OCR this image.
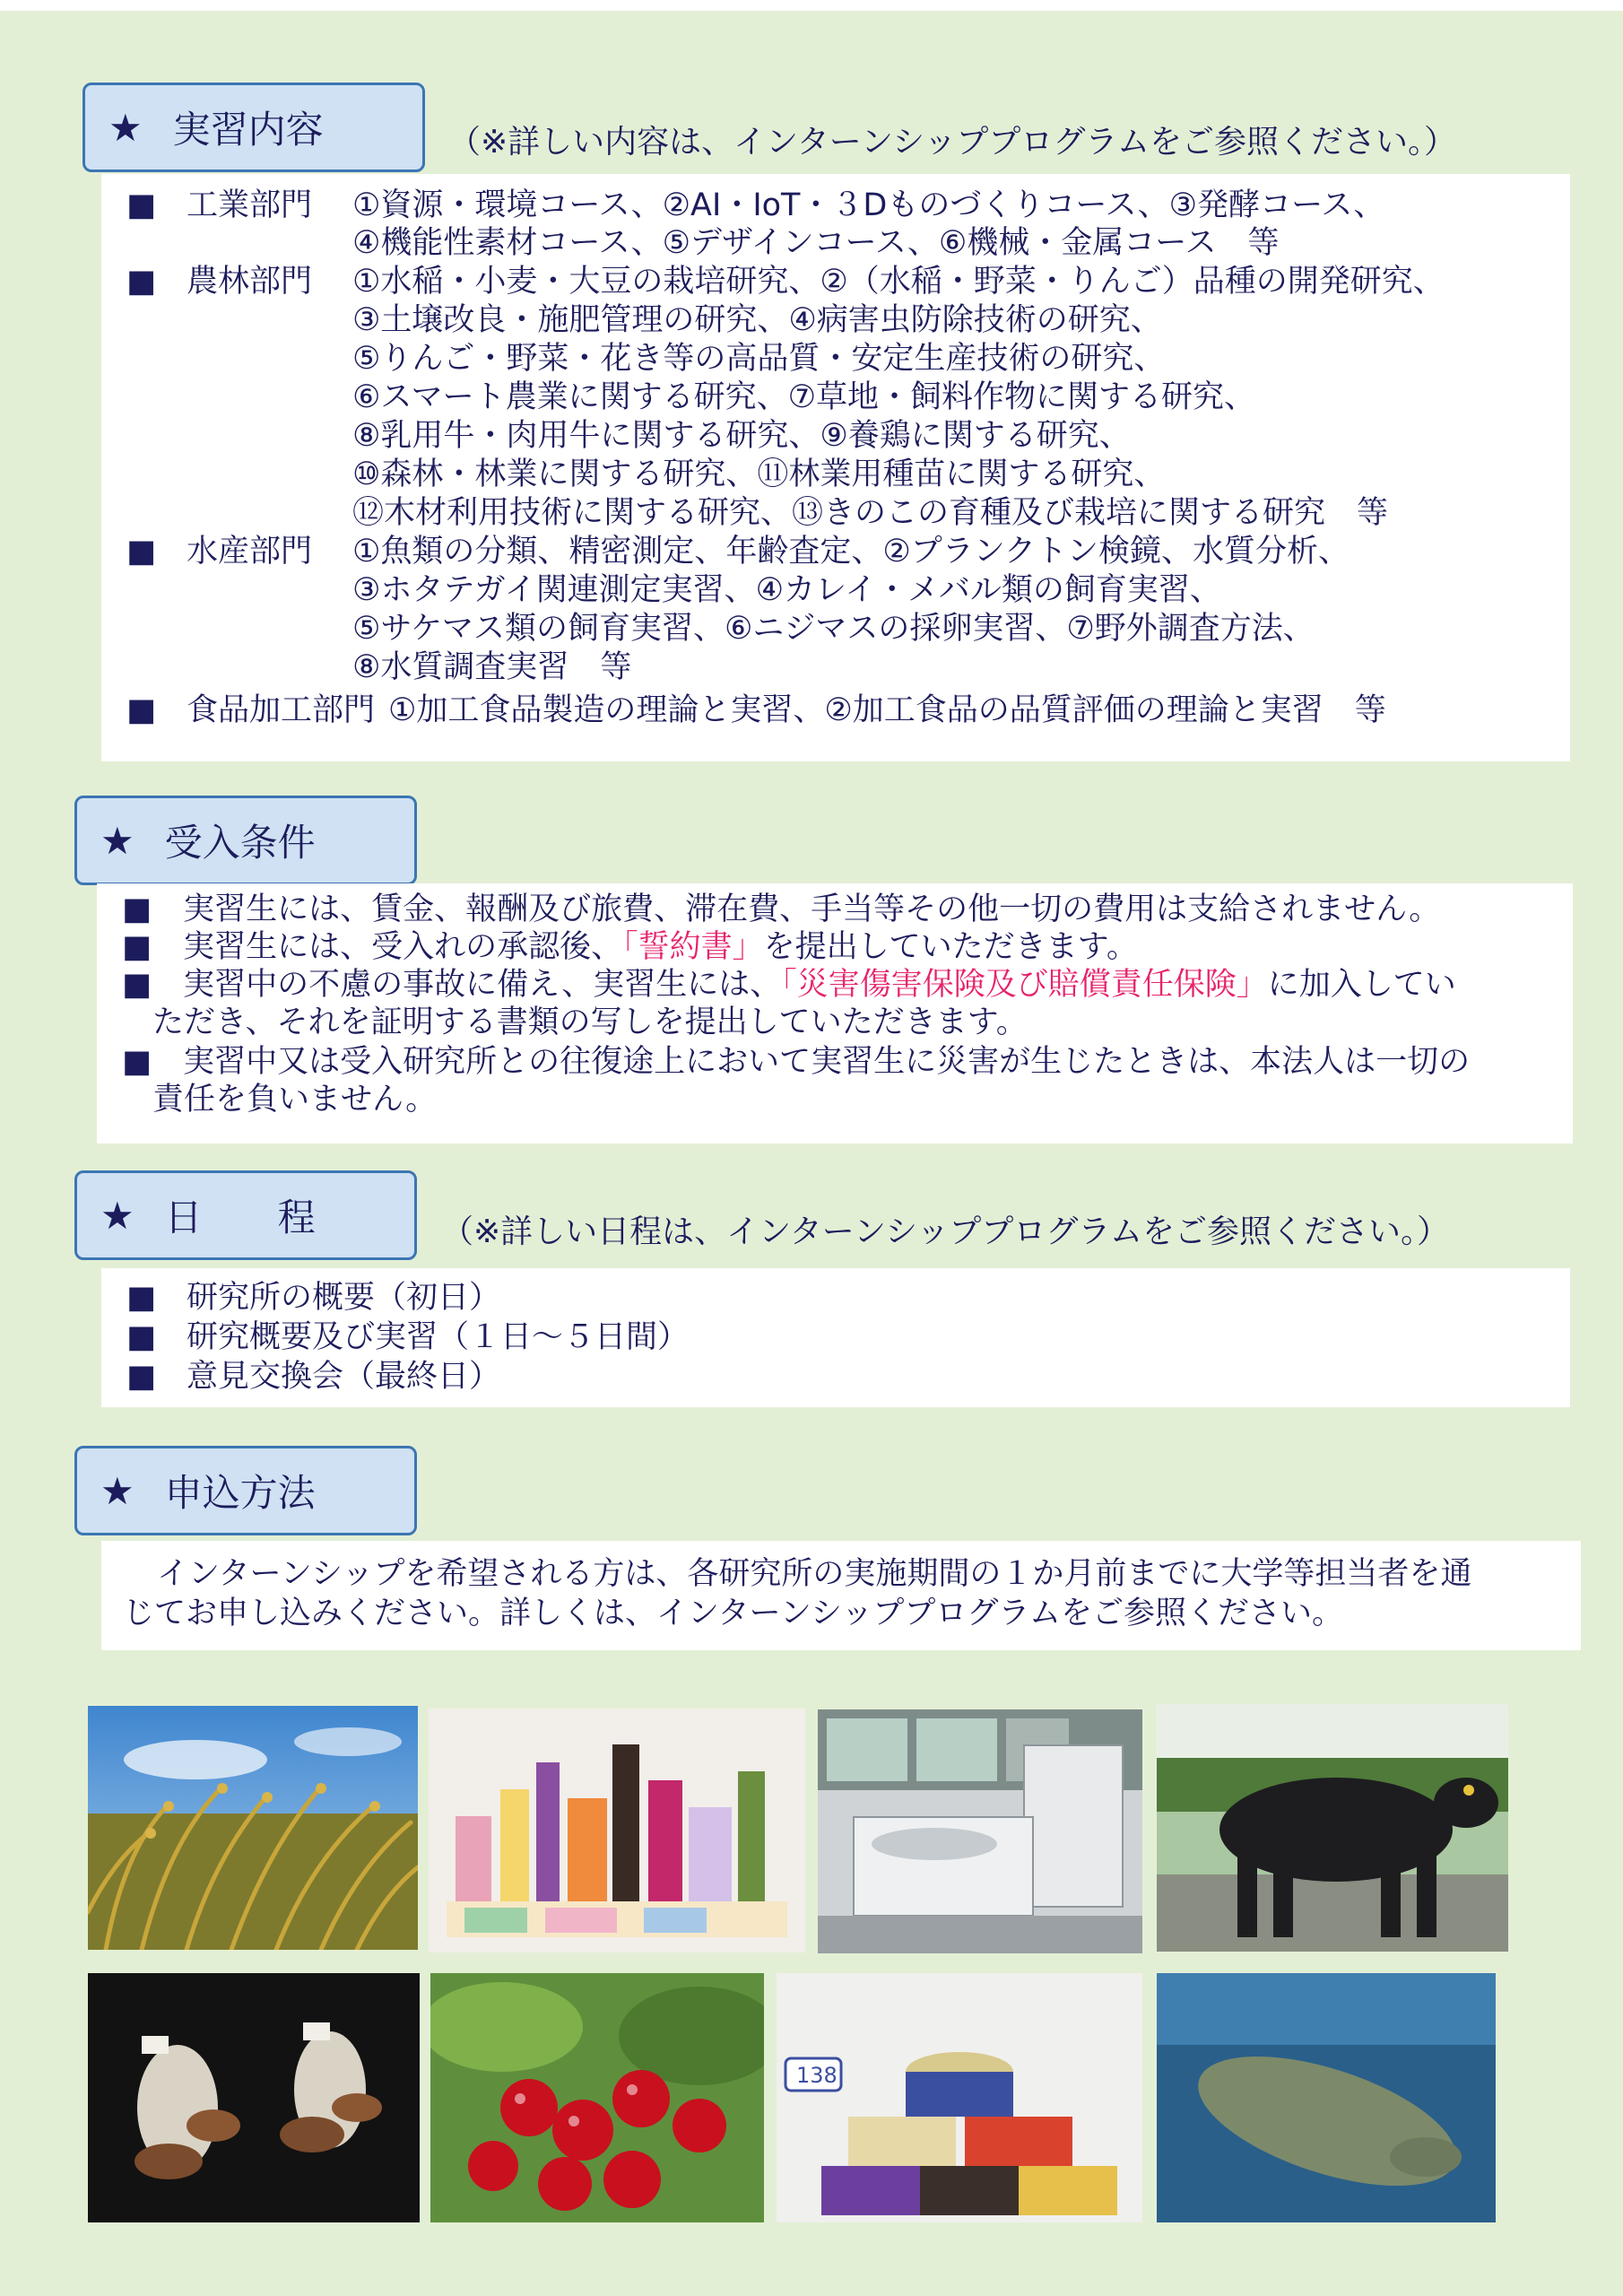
★ 実習内容	（※詳しい内容は、インターンシッププログラムをご参照ください。）
■ 工業部門 ①資源・環境コース、②AI・IoT・３Dものづくりコース、③発酵コース、
④機能性素材コース、⑤デザインコース、⑥機械・金属コース　等
■ 農林部門 ①水稲・小麦・大豆の栽培研究、②（水稲・野菜・りんご）品種の開発研究、
③土壌改良・施肥管理の研究、④病害虫防除技術の研究、
⑤りんご・野菜・花き等の高品質・安定生産技術の研究、
⑥スマート農業に関する研究、⑦草地・飼料作物に関する研究、
⑧乳用牛・肉用牛に関する研究、⑨養鶏に関する研究、
⑩森林・林業に関する研究、⑪林業用種苗に関する研究、
⑫木材利用技術に関する研究、⑬きのこの育種及び栽培に関する研究　等
■ 水産部門 ①魚類の分類、精密測定、年齢査定、②プランクトン検鏡、水質分析、
③ホタテガイ関連測定実習、④カレイ・メバル類の飼育実習、
⑤サケマス類の飼育実習、⑥ニジマスの採卵実習、⑦野外調査方法、
⑧水質調査実習　等
■ 食品加工部門 ①加工食品製造の理論と実習、②加工食品の品質評価の理論と実習　等
★ 受入条件
■　 実習生には、賃金、報酬及び旅費、滞在費、手当等その他一切の費用は支給されません。
■　 実習生には、受入れの承認後、「誓約書」を提出していただきます。
■　 実習中の不慮の事故に備え、実習生には、「災害傷害保険及び賠償責任保険」に加入してい
ただき、それを証明する書類の写しを提出していただきます。
■　 実習中又は受入研究所との往復途上において実習生に災害が生じたときは、本法人は一切の
責任を負いません。
★ 日　　程	（※詳しい日程は、インターンシッププログラムをご参照ください。）
■ 研究所の概要（初日）
■ 研究概要及び実習（１日～５日間）
■ 意見交換会（最終日）
★ 申込方法
インターンシップを希望される方は、各研究所の実施期間の１か月前までに大学等担当者を通
じてお申し込みください。詳しくは、インターンシッププログラムをご参照ください。
138
